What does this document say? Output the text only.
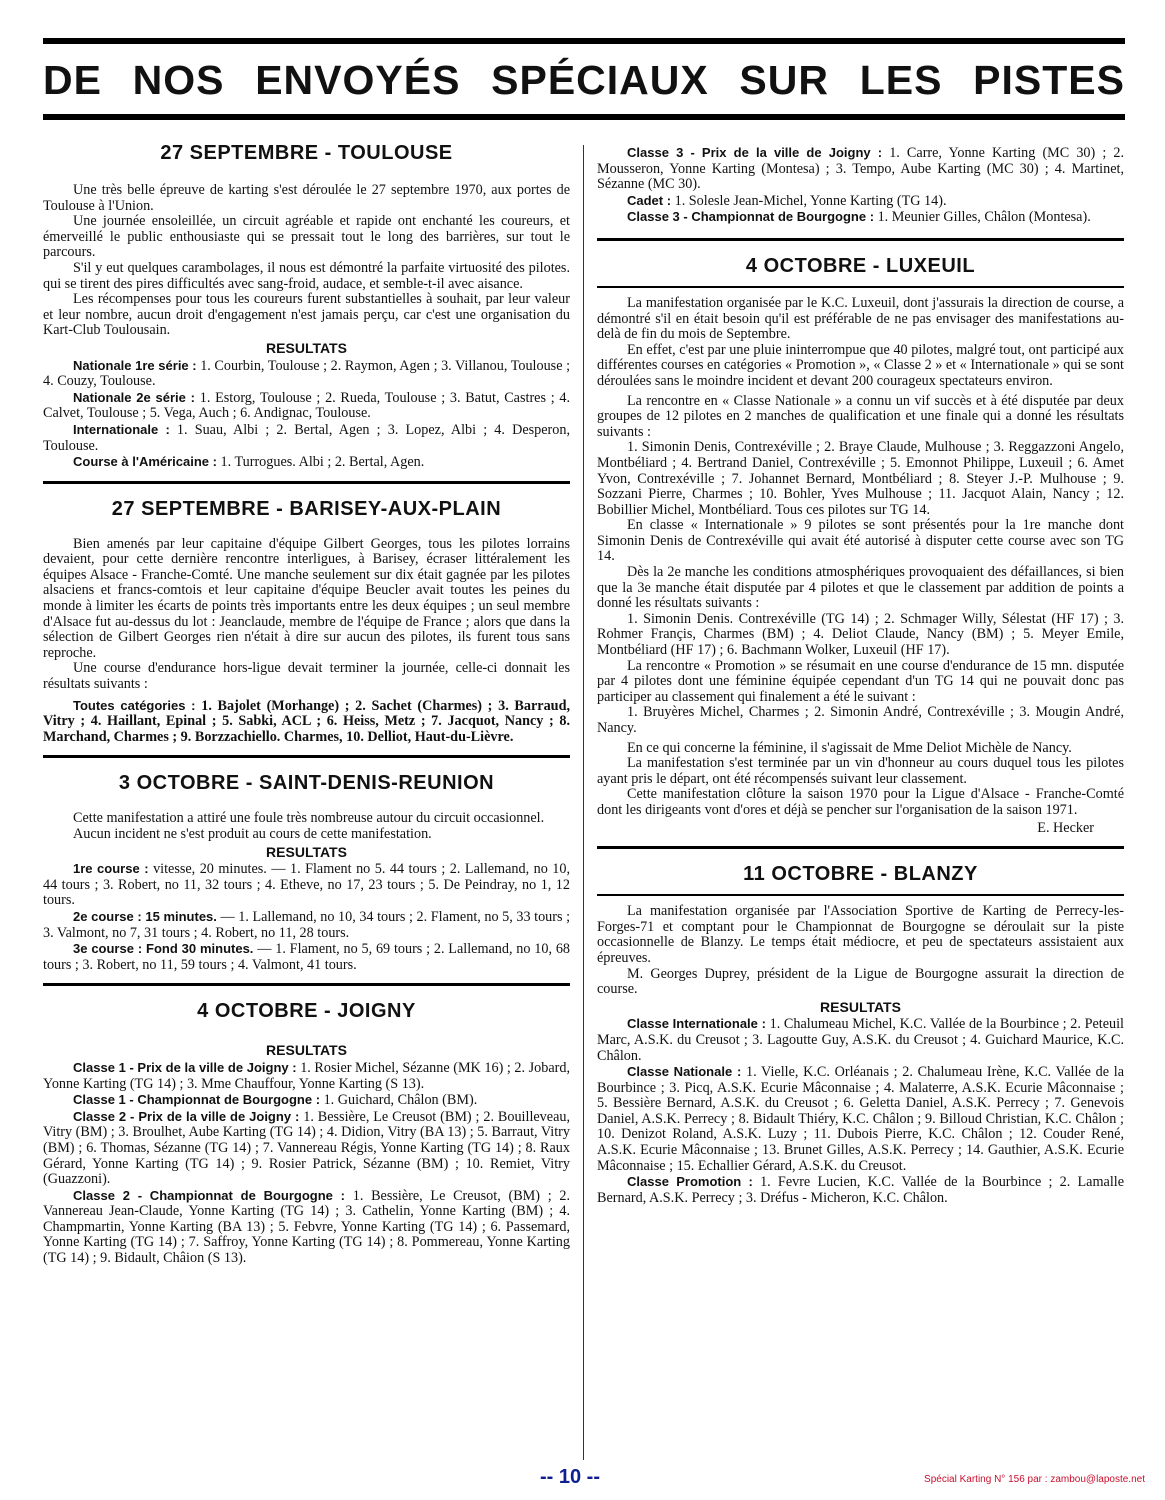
DE NOS ENVOYÉS SPÉCIAUX SUR LES PISTES
27 SEPTEMBRE - TOULOUSE

Une très belle épreuve de karting s'est déroulée le 27 septembre 1970, aux portes de Toulouse à l'Union.

Une journée ensoleillée, un circuit agréable et rapide ont enchanté les coureurs, et émerveillé le public enthousiaste qui se pressait tout le long des barrières, sur tout le parcours.

S'il y eut quelques carambolages, il nous est démontré la parfaite virtuosité des pilotes. qui se tirent des pires difficultés avec sang-froid, audace, et semble-t-il avec aisance.

Les récompenses pour tous les coureurs furent substantielles à souhait, par leur valeur et leur nombre, aucun droit d'engagement n'est jamais perçu, car c'est une organisation du Kart-Club Toulousain.

RESULTATS

Nationale 1re série : 1. Courbin, Toulouse ; 2. Raymon, Agen ; 3. Villanou, Toulouse ; 4. Couzy, Toulouse.

Nationale 2e série : 1. Estorg, Toulouse ; 2. Rueda, Toulouse ; 3. Batut, Castres ; 4. Calvet, Toulouse ; 5. Vega, Auch ; 6. Andignac, Toulouse.

Internationale : 1. Suau, Albi ; 2. Bertal, Agen ; 3. Lopez, Albi ; 4. Desperon, Toulouse.

Course à l'Américaine : 1. Turrogues. Albi ; 2. Bertal, Agen.

27 SEPTEMBRE - BARISEY-AUX-PLAIN

Bien amenés par leur capitaine d'équipe Gilbert Georges, tous les pilotes lorrains devaient, pour cette dernière rencontre interligues, à Barisey, écraser littéralement les équipes Alsace - Franche-Comté. Une manche seulement sur dix était gagnée par les pilotes alsaciens et francs-comtois et leur capitaine d'équipe Beucler avait toutes les peines du monde à limiter les écarts de points très importants entre les deux équipes ; un seul membre d'Alsace fut au-dessus du lot : Jeanclaude, membre de l'équipe de France ; alors que dans la sélection de Gilbert Georges rien n'était à dire sur aucun des pilotes, ils furent tous sans reproche.

Une course d'endurance hors-ligue devait terminer la journée, celle-ci donnait les résultats suivants :

Toutes catégories : 1. Bajolet (Morhange) ; 2. Sachet (Charmes) ; 3. Barraud, Vitry ; 4. Haillant, Epinal ; 5. Sabki, ACL ; 6. Heiss, Metz ; 7. Jacquot, Nancy ; 8. Marchand, Charmes ; 9. Borzzachiello. Charmes, 10. Delliot, Haut-du-Lièvre.

3 OCTOBRE - SAINT-DENIS-REUNION

Cette manifestation a attiré une foule très nombreuse autour du circuit occasionnel.

Aucun incident ne s'est produit au cours de cette manifestation.

RESULTATS

1re course : vitesse, 20 minutes. — 1. Flament no 5. 44 tours ; 2. Lallemand, no 10, 44 tours ; 3. Robert, no 11, 32 tours ; 4. Etheve, no 17, 23 tours ; 5. De Peindray, no 1, 12 tours.

2e course : 15 minutes. — 1. Lallemand, no 10, 34 tours ; 2. Flament, no 5, 33 tours ; 3. Valmont, no 7, 31 tours ; 4. Robert, no 11, 28 tours.

3e course : Fond 30 minutes. — 1. Flament, no 5, 69 tours ; 2. Lallemand, no 10, 68 tours ; 3. Robert, no 11, 59 tours ; 4. Valmont, 41 tours.

4 OCTOBRE - JOIGNY

RESULTATS

Classe 1 - Prix de la ville de Joigny : 1. Rosier Michel, Sézanne (MK 16) ; 2. Jobard, Yonne Karting (TG 14) ; 3. Mme Chauffour, Yonne Karting (S 13).

Classe 1 - Championnat de Bourgogne : 1. Guichard, Châlon (BM).

Classe 2 - Prix de la ville de Joigny : 1. Bessière, Le Creusot (BM) ; 2. Bouilleveau, Vitry (BM) ; 3. Broulhet, Aube Karting (TG 14) ; 4. Didion, Vitry (BA 13) ; 5. Barraut, Vitry (BM) ; 6. Thomas, Sézanne (TG 14) ; 7. Vannereau Régis, Yonne Karting (TG 14) ; 8. Raux Gérard, Yonne Karting (TG 14) ; 9. Rosier Patrick, Sézanne (BM) ; 10. Remiet, Vitry (Guazzoni).

Classe 2 - Championnat de Bourgogne : 1. Bessière, Le Creusot, (BM) ; 2. Vannereau Jean-Claude, Yonne Karting (TG 14) ; 3. Cathelin, Yonne Karting (BM) ; 4. Champmartin, Yonne Karting (BA 13) ; 5. Febvre, Yonne Karting (TG 14) ; 6. Passemard, Yonne Karting (TG 14) ; 7. Saffroy, Yonne Karting (TG 14) ; 8. Pommereau, Yonne Karting (TG 14) ; 9. Bidault, Châion (S 13).

Classe 3 - Prix de la ville de Joigny : 1. Carre, Yonne Karting (MC 30) ; 2. Mousseron, Yonne Karting (Montesa) ; 3. Tempo, Aube Karting (MC 30) ; 4. Martinet, Sézanne (MC 30).

Cadet : 1. Solesle Jean-Michel, Yonne Karting (TG 14).

Classe 3 - Championnat de Bourgogne : 1. Meunier Gilles, Châlon (Montesa).

4 OCTOBRE - LUXEUIL

La manifestation organisée par le K.C. Luxeuil, dont j'assurais la direction de course, a démontré s'il en était besoin qu'il est préférable de ne pas envisager des manifestations au-delà de fin du mois de Septembre.

En effet, c'est par une pluie ininterrompue que 40 pilotes, malgré tout, ont participé aux différentes courses en catégories « Promotion », « Classe 2 » et « Internationale » qui se sont déroulées sans le moindre incident et devant 200 courageux spectateurs environ.

La rencontre en « Classe Nationale » a connu un vif succès et à été disputée par deux groupes de 12 pilotes en 2 manches de qualification et une finale qui a donné les résultats suivants :

1. Simonin Denis, Contrexéville ; 2. Braye Claude, Mulhouse ; 3. Reggazzoni Angelo, Montbéliard ; 4. Bertrand Daniel, Contrexéville ; 5. Emonnot Philippe, Luxeuil ; 6. Amet Yvon, Contrexéville ; 7. Johannet Bernard, Montbéliard ; 8. Steyer J.-P. Mulhouse ; 9. Sozzani Pierre, Charmes ; 10. Bohler, Yves Mulhouse ; 11. Jacquot Alain, Nancy ; 12. Bobillier Michel, Montbéliard. Tous ces pilotes sur TG 14.

En classe « Internationale » 9 pilotes se sont présentés pour la 1re manche dont Simonin Denis de Contrexéville qui avait été autorisé à disputer cette course avec son TG 14.

Dès la 2e manche les conditions atmosphériques provoquaient des défaillances, si bien que la 3e manche était disputée par 4 pilotes et que le classement par addition de points a donné les résultats suivants :

1. Simonin Denis. Contrexéville (TG 14) ; 2. Schmager Willy, Sélestat (HF 17) ; 3. Rohmer Françis, Charmes (BM) ; 4. Deliot Claude, Nancy (BM) ; 5. Meyer Emile, Montbéliard (HF 17) ; 6. Bachmann Wolker, Luxeuil (HF 17).

La rencontre « Promotion » se résumait en une course d'endurance de 15 mn. disputée par 4 pilotes dont une féminine équipée cependant d'un TG 14 qui ne pouvait donc pas participer au classement qui finalement a été le suivant :

1. Bruyères Michel, Charmes ; 2. Simonin André, Contrexéville ; 3. Mougin André, Nancy.

En ce qui concerne la féminine, il s'agissait de Mme Deliot Michèle de Nancy.

La manifestation s'est terminée par un vin d'honneur au cours duquel tous les pilotes ayant pris le départ, ont été récompensés suivant leur classement.

Cette manifestation clôture la saison 1970 pour la Ligue d'Alsace - Franche-Comté dont les dirigeants vont d'ores et déjà se pencher sur l'organisation de la saison 1971.

E. Hecker

11 OCTOBRE - BLANZY

La manifestation organisée par l'Association Sportive de Karting de Perrecy-les-Forges-71 et comptant pour le Championnat de Bourgogne se déroulait sur la piste occasionnelle de Blanzy. Le temps était médiocre, et peu de spectateurs assistaient aux épreuves.

M. Georges Duprey, président de la Ligue de Bourgogne assurait la direction de course.

RESULTATS

Classe Internationale : 1. Chalumeau Michel, K.C. Vallée de la Bourbince ; 2. Peteuil Marc, A.S.K. du Creusot ; 3. Lagoutte Guy, A.S.K. du Creusot ; 4. Guichard Maurice, K.C. Châlon.

Classe Nationale : 1. Vielle, K.C. Orléanais ; 2. Chalumeau Irène, K.C. Vallée de la Bourbince ; 3. Picq, A.S.K. Ecurie Mâconnaise ; 4. Malaterre, A.S.K. Ecurie Mâconnaise ; 5. Bessière Bernard, A.S.K. du Creusot ; 6. Geletta Daniel, A.S.K. Perrecy ; 7. Genevois Daniel, A.S.K. Perrecy ; 8. Bidault Thiéry, K.C. Châlon ; 9. Billoud Christian, K.C. Châlon ; 10. Denizot Roland, A.S.K. Luzy ; 11. Dubois Pierre, K.C. Châlon ; 12. Couder René, A.S.K. Ecurie Mâconnaise ; 13. Brunet Gilles, A.S.K. Perrecy ; 14. Gauthier, A.S.K. Ecurie Mâconnaise ; 15. Echallier Gérard, A.S.K. du Creusot.

Classe Promotion : 1. Fevre Lucien, K.C. Vallée de la Bourbince ; 2. Lamalle Bernard, A.S.K. Perrecy ; 3. Dréfus - Micheron, K.C. Châlon.

-- 10 --	Spécial Karting N° 156 par : zambou@laposte.net
